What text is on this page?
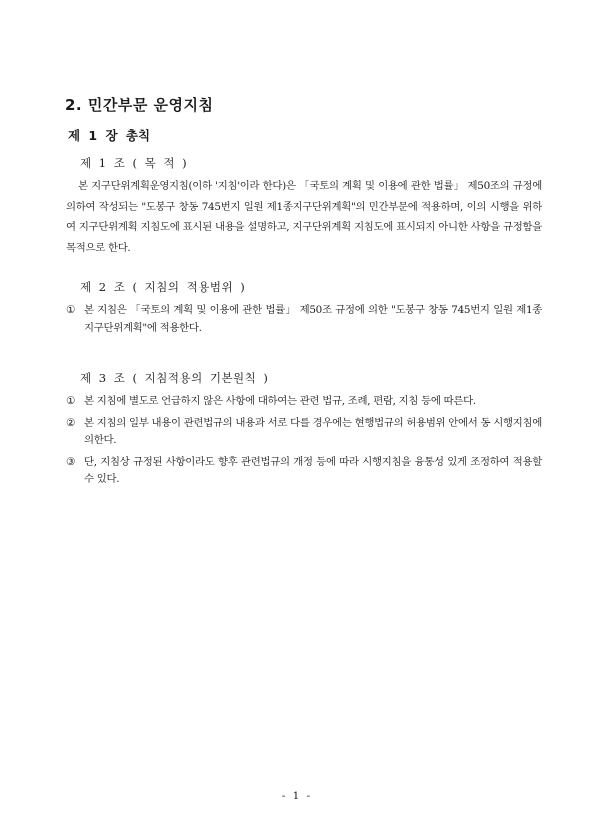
2. 민간부문 운영지침
제 1 장 총칙

제 1 조 ( 목 적 )

본 지구단위계획운영지침(이하 '지침'이라 한다)은 「국토의 계획 및 이용에 관한 법률」 제50조의 규정에 의하여 작성되는 "도봉구 창동 745번지 일원 제1종지구단위계획"의 민간부문에 적용하며, 이의 시행을 위하여 지구단위계획 지침도에 표시된 내용을 설명하고, 지구단위계획 지침도에 표시되지 아니한 사항을 규정함을 목적으로 한다.

제 2 조 ( 지침의 적용범위 )

① 본 지침은 「국토의 계획 및 이용에 관한 법률」 제50조 규정에 의한 "도봉구 창동 745번지 일원 제1종지구단위계획"에 적용한다.

제 3 조 ( 지침적용의 기본원칙 )

① 본 지침에 별도로 언급하지 않은 사항에 대하여는 관련 법규, 조례, 편람, 지침 등에 따른다.
② 본 지침의 일부 내용이 관련법규의 내용과 서로 다를 경우에는 현행법규의 허용범위 안에서 동 시행지침에 의한다.
③ 단, 지침상 규정된 사항이라도 향후 관련법규의 개정 등에 따라 시행지침을 융통성 있게 조정하여 적용할 수 있다.
- 1 -
